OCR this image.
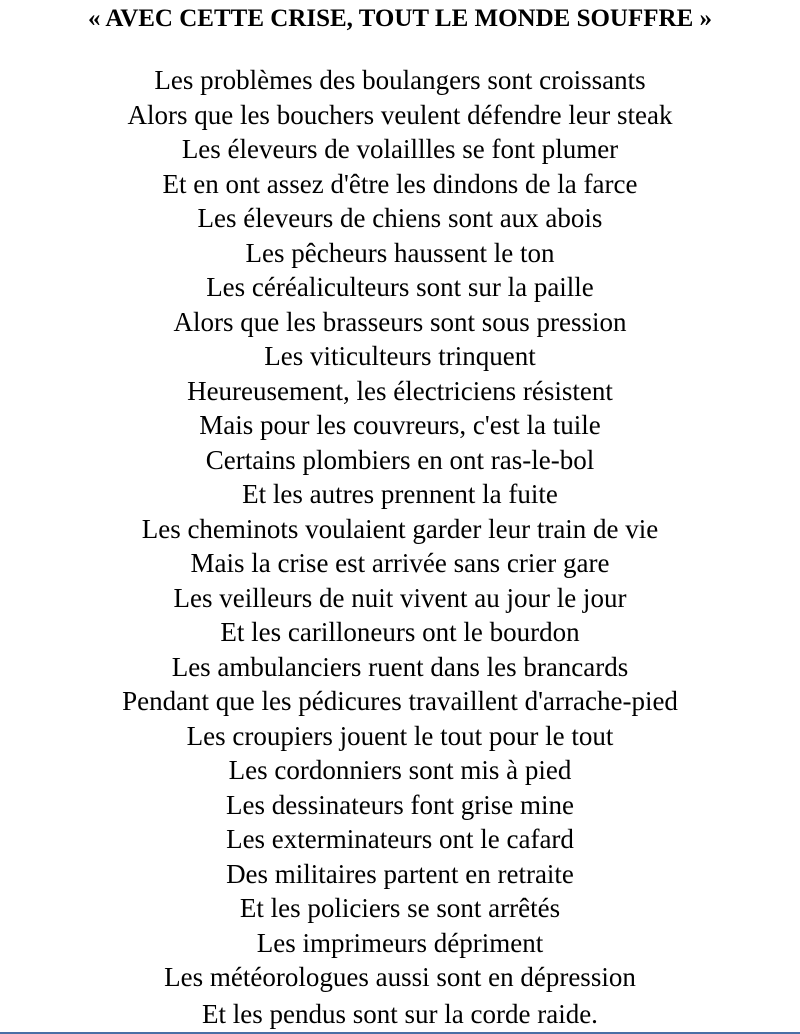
« AVEC CETTE CRISE, TOUT LE MONDE SOUFFRE »
Les problèmes des boulangers sont croissants
Alors que les bouchers veulent défendre leur steak
Les éleveurs de volaillles se font plumer
Et en ont assez d'être les dindons de la farce
Les éleveurs de chiens sont aux abois
Les pêcheurs haussent le ton
Les céréaliculteurs sont sur la paille
Alors que les brasseurs sont sous pression
Les viticulteurs trinquent
Heureusement, les électriciens résistent
Mais pour les couvreurs, c'est la tuile
Certains plombiers en ont ras-le-bol
Et les autres prennent la fuite
Les cheminots voulaient garder leur train de vie
Mais la crise est arrivée sans crier gare
Les veilleurs de nuit vivent au jour le jour
Et les carilloneurs ont le bourdon
Les ambulanciers ruent dans les brancards
Pendant que les pédicures travaillent d'arrache-pied
Les croupiers jouent le tout pour le tout
Les cordonniers sont mis à pied
Les dessinateurs font grise mine
Les exterminateurs ont le cafard
Des militaires partent en retraite
Et les policiers se sont arrêtés
Les imprimeurs dépriment
Les météorologues aussi sont en dépression
Et les pendus sont sur la corde raide.
